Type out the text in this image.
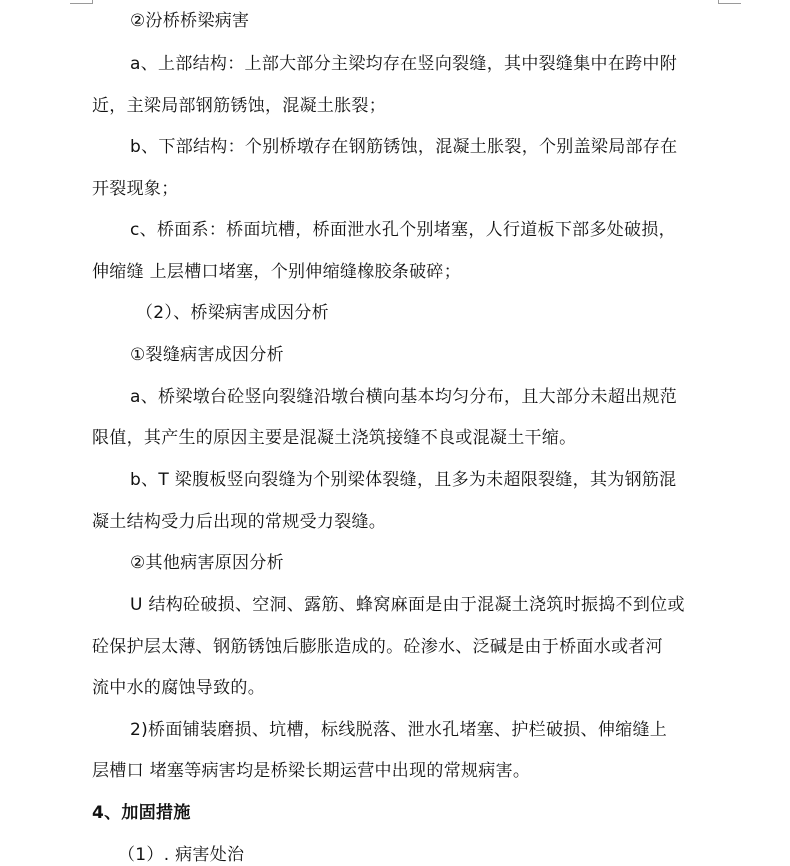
②汾桥桥梁病害
a、上部结构：上部大部分主梁均存在竖向裂缝，其中裂缝集中在跨中附
近，主梁局部钢筋锈蚀，混凝土胀裂；
b、下部结构：个别桥墩存在钢筋锈蚀，混凝土胀裂，个别盖梁局部存在
开裂现象；
c、桥面系：桥面坑槽，桥面泄水孔个别堵塞，人行道板下部多处破损，
伸缩缝 上层槽口堵塞，个别伸缩缝橡胶条破碎；
（2）、桥梁病害成因分析
①裂缝病害成因分析
a、桥梁墩台砼竖向裂缝沿墩台横向基本均匀分布，且大部分未超出规范
限值，其产生的原因主要是混凝土浇筑接缝不良或混凝土干缩。
b、T 梁腹板竖向裂缝为个别梁体裂缝，且多为未超限裂缝，其为钢筋混
凝土结构受力后出现的常规受力裂缝。
②其他病害原因分析
U 结构砼破损、空洞、露筋、蜂窝麻面是由于混凝土浇筑时振捣不到位或
砼保护层太薄、钢筋锈蚀后膨胀造成的。砼渗水、泛碱是由于桥面水或者河
流中水的腐蚀导致的。
2)桥面铺装磨损、坑槽，标线脱落、泄水孔堵塞、护栏破损、伸缩缝上
层槽口 堵塞等病害均是桥梁长期运营中出现的常规病害。
4、加固措施
（1）. 病害处治
